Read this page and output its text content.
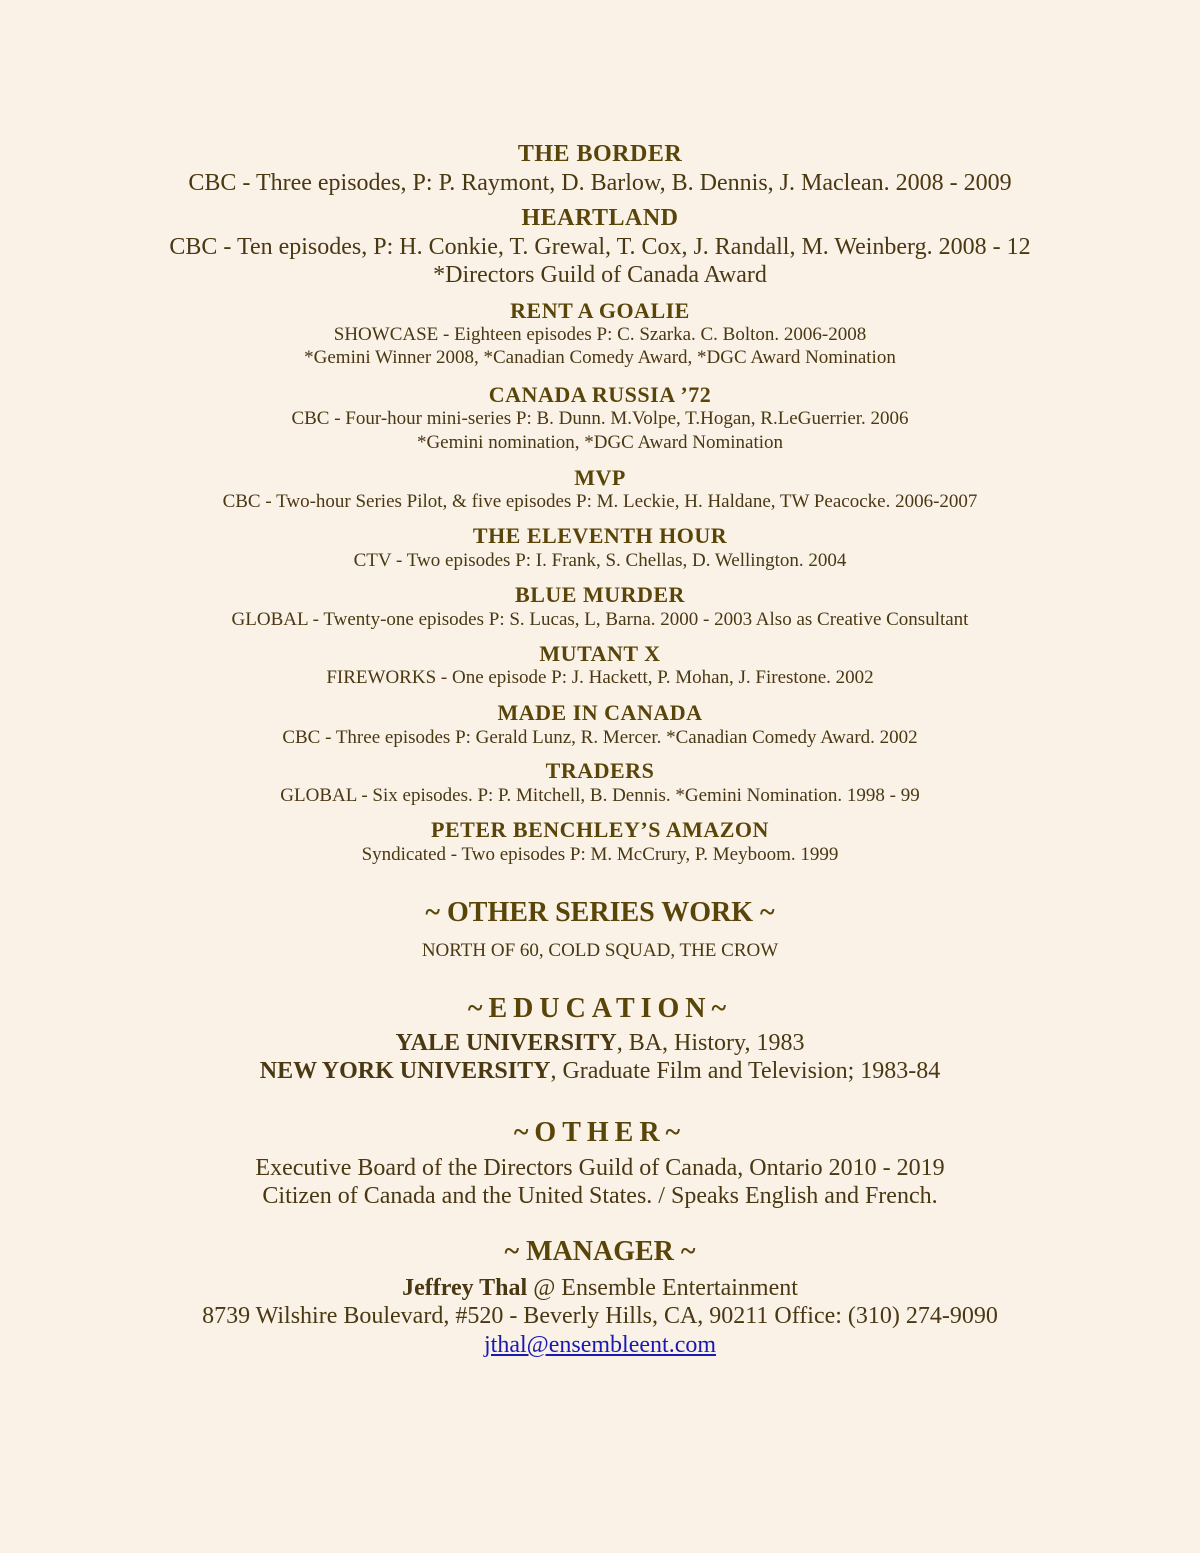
THE BORDER
CBC - Three episodes, P: P. Raymont, D. Barlow, B. Dennis, J. Maclean. 2008 - 2009
HEARTLAND
CBC - Ten episodes, P: H. Conkie, T. Grewal, T. Cox, J. Randall, M. Weinberg. 2008 - 12
*Directors Guild of Canada Award
RENT A GOALIE
SHOWCASE - Eighteen episodes P: C. Szarka. C. Bolton. 2006-2008
*Gemini Winner 2008, *Canadian Comedy Award, *DGC Award Nomination
CANADA RUSSIA ’72
CBC - Four-hour mini-series P: B. Dunn. M.Volpe, T.Hogan, R.LeGuerrier. 2006
*Gemini nomination, *DGC Award Nomination
MVP
CBC - Two-hour Series Pilot, & five episodes P: M. Leckie, H. Haldane, TW Peacocke. 2006-2007
THE ELEVENTH HOUR
CTV - Two episodes P: I. Frank, S. Chellas, D. Wellington. 2004
BLUE MURDER
GLOBAL - Twenty-one episodes P: S. Lucas, L, Barna. 2000 - 2003 Also as Creative Consultant
MUTANT X
FIREWORKS - One episode P: J. Hackett, P. Mohan, J. Firestone. 2002
MADE IN CANADA
CBC - Three episodes P: Gerald Lunz, R. Mercer. *Canadian Comedy Award. 2002
TRADERS
GLOBAL - Six episodes. P: P. Mitchell, B. Dennis. *Gemini Nomination. 1998 - 99
PETER BENCHLEY’S AMAZON
Syndicated - Two episodes P: M. McCrury, P. Meyboom. 1999
~ OTHER SERIES WORK ~
NORTH OF 60, COLD SQUAD, THE CROW
~EDUCATION~
YALE UNIVERSITY, BA, History, 1983
NEW YORK UNIVERSITY, Graduate Film and Television; 1983-84
~OTHER~
Executive Board of the Directors Guild of Canada, Ontario 2010 - 2019
Citizen of Canada and the United States. / Speaks English and French.
~ MANAGER ~
Jeffrey Thal @ Ensemble Entertainment
8739 Wilshire Boulevard, #520 - Beverly Hills, CA, 90211 Office: (310) 274-9090
jthal@ensembleent.com
